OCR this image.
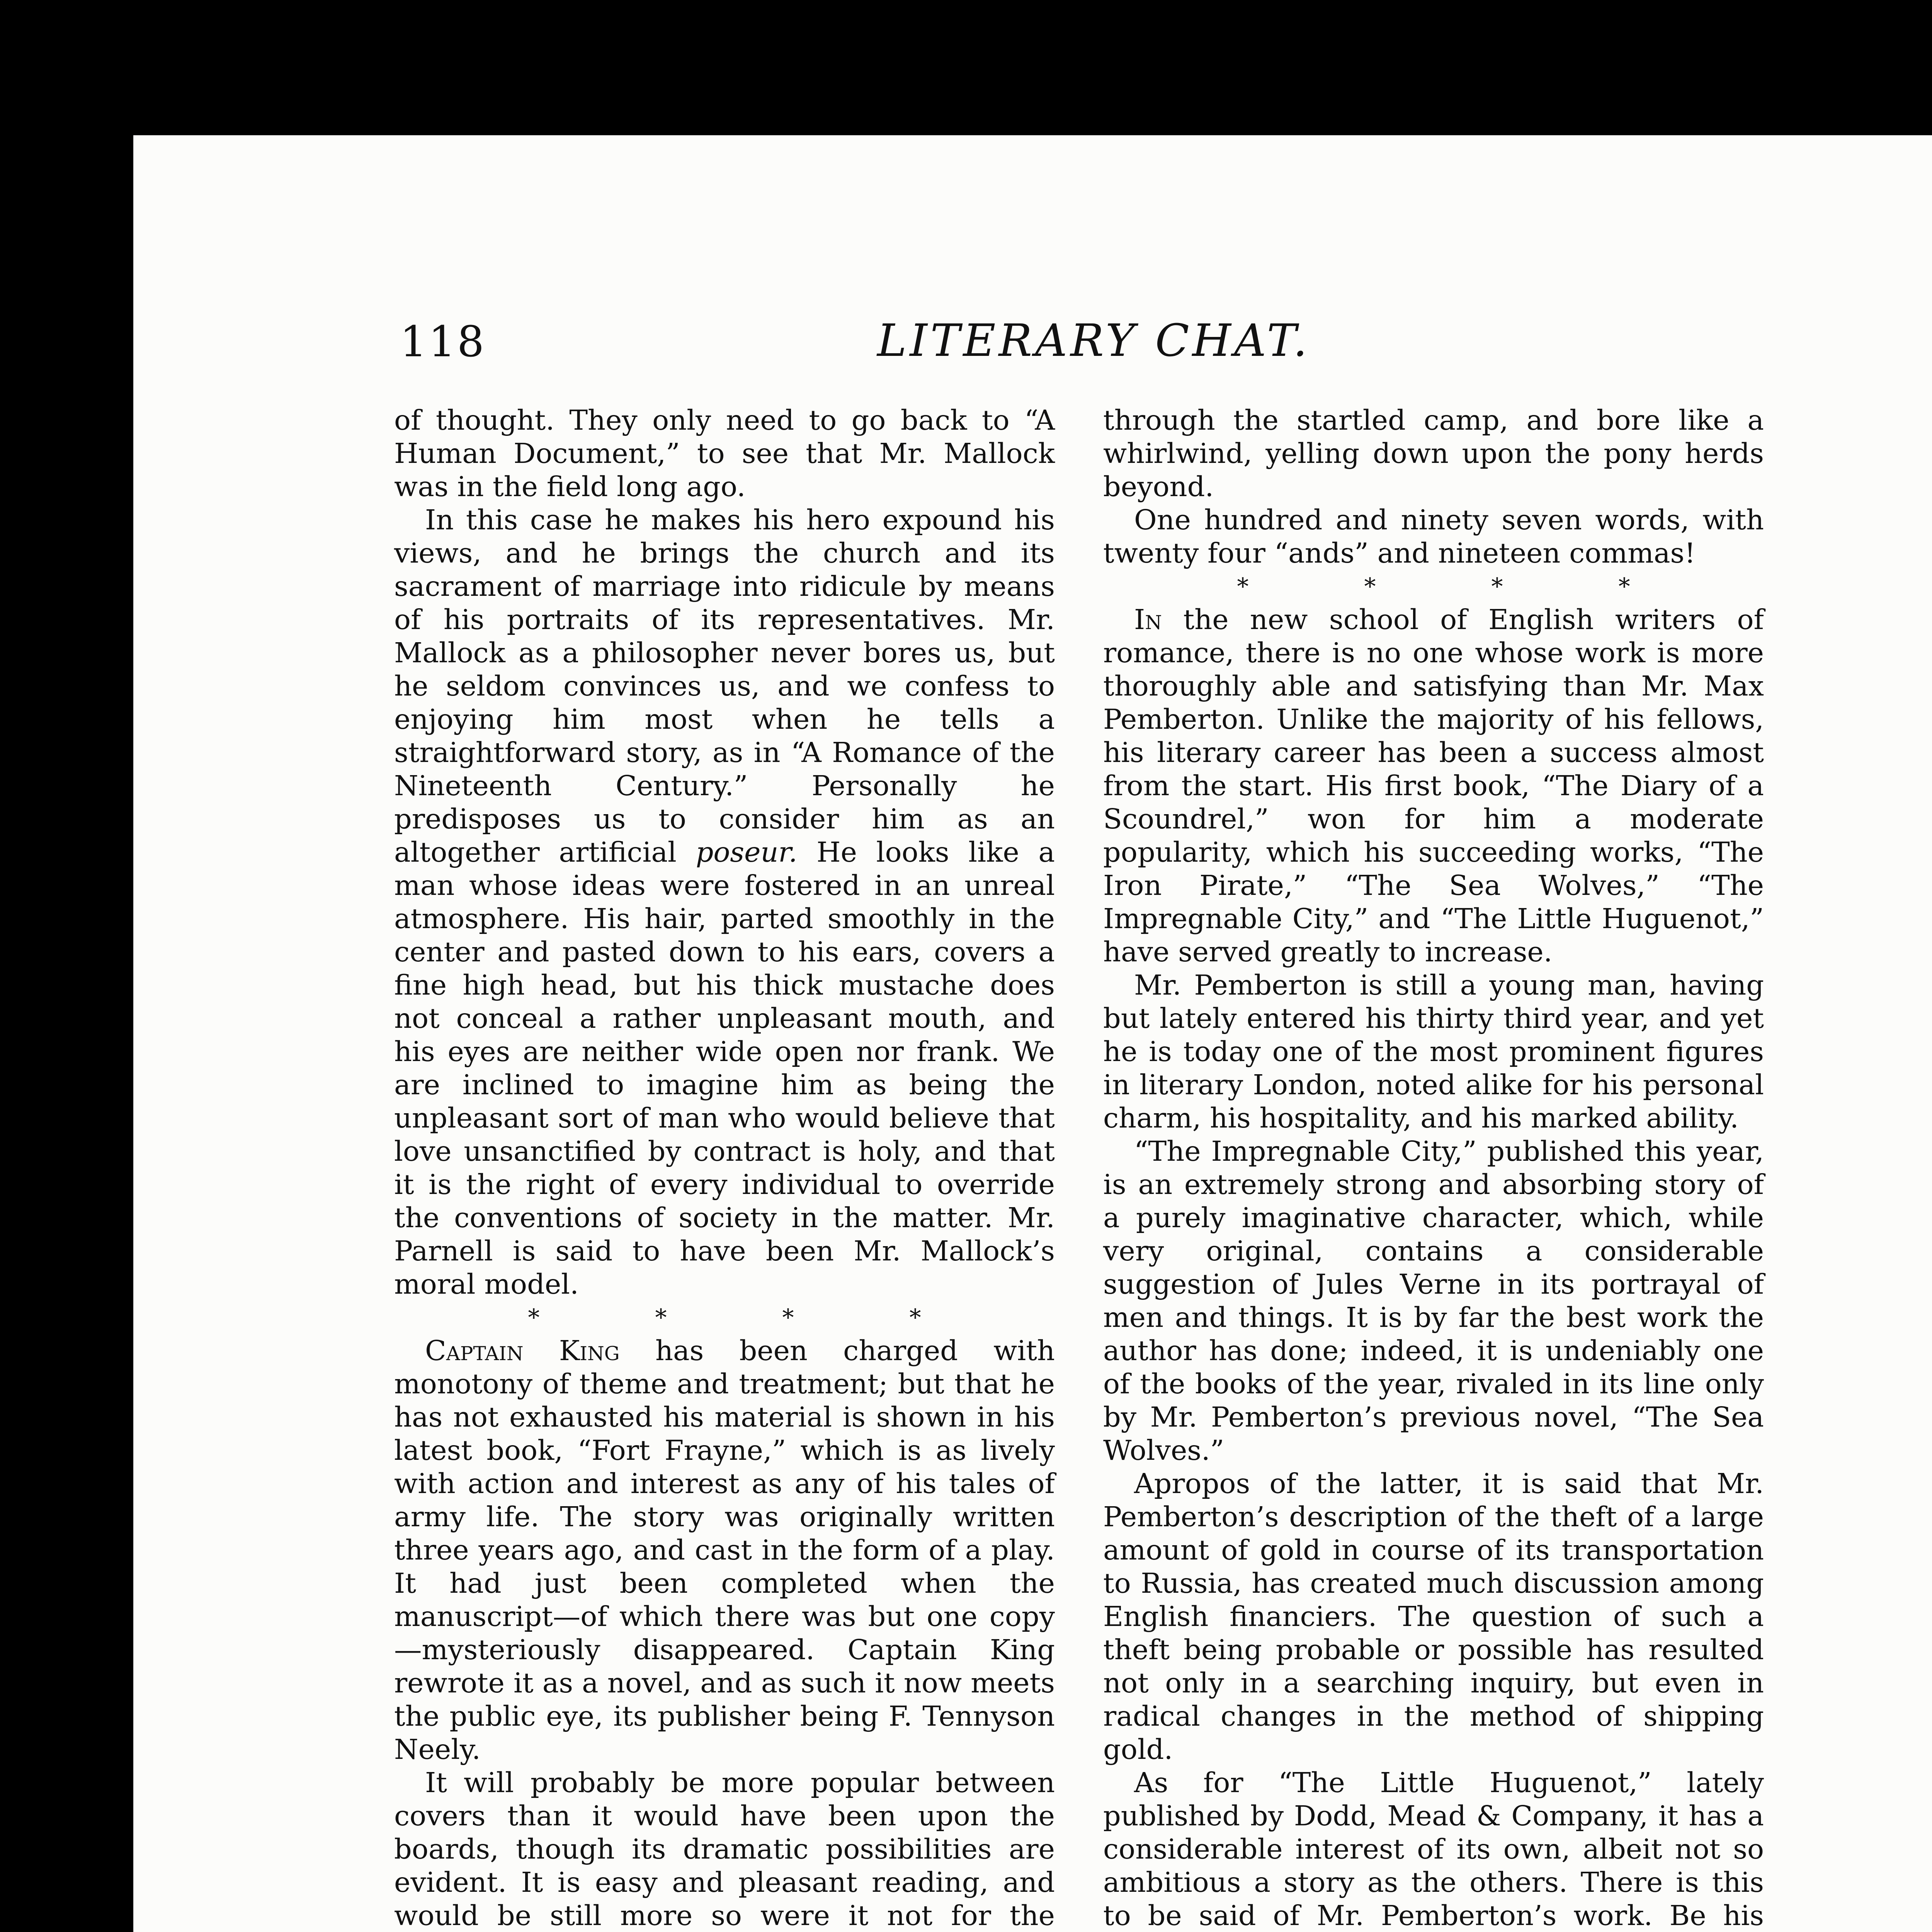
118	LITERARY CHAT.

of thought. They only need to go back to “A Human Document,” to see that Mr. Mallock was in the field long ago.

In this case he makes his hero expound his views, and he brings the church and its sacrament of marriage into ridicule by means of his portraits of its representatives. Mr. Mallock as a philosopher never bores us, but he seldom convinces us, and we confess to enjoying him most when he tells a straightforward story, as in “A Romance of the Nineteenth Century.” Personally he predisposes us to consider him as an altogether artificial poseur. He looks like a man whose ideas were fostered in an unreal atmosphere. His hair, parted smoothly in the center and pasted down to his ears, covers a fine high head, but his thick mustache does not conceal a rather unpleasant mouth, and his eyes are neither wide open nor frank. We are inclined to imagine him as being the unpleasant sort of man who would believe that love unsanctified by contract is holy, and that it is the right of every individual to override the conventions of society in the matter. Mr. Parnell is said to have been Mr. Mallock’s moral model.

* * * *

Captain King has been charged with monotony of theme and treatment; but that he has not exhausted his material is shown in his latest book, “Fort Frayne,” which is as lively with action and interest as any of his tales of army life. The story was originally written three years ago, and cast in the form of a play. It had just been completed when the manuscript—of which there was but one copy—mysteriously disappeared. Captain King rewrote it as a novel, and as such it now meets the public eye, its publisher being F. Tennyson Neely.

It will probably be more popular between covers than it would have been upon the boards, though its dramatic possibilities are evident. It is easy and pleasant reading, and would be still more so were it not for the

through the startled camp, and bore like a whirlwind, yelling down upon the pony herds beyond.

One hundred and ninety seven words, with twenty four “ands” and nineteen commas!

* * * *

In the new school of English writers of romance, there is no one whose work is more thoroughly able and satisfying than Mr. Max Pemberton. Unlike the majority of his fellows, his literary career has been a success almost from the start. His first book, “The Diary of a Scoundrel,” won for him a moderate popularity, which his succeeding works, “The Iron Pirate,” “The Sea Wolves,” “The Impregnable City,” and “The Little Huguenot,” have served greatly to increase.

Mr. Pemberton is still a young man, having but lately entered his thirty third year, and yet he is today one of the most prominent figures in literary London, noted alike for his personal charm, his hospitality, and his marked ability.

“The Impregnable City,” published this year, is an extremely strong and absorbing story of a purely imaginative character, which, while very original, contains a considerable suggestion of Jules Verne in its portrayal of men and things. It is by far the best work the author has done; indeed, it is undeniably one of the books of the year, rivaled in its line only by Mr. Pemberton’s previous novel, “The Sea Wolves.”

Apropos of the latter, it is said that Mr. Pemberton’s description of the theft of a large amount of gold in course of its transportation to Russia, has created much discussion among English financiers. The question of such a theft being probable or possible has resulted not only in a searching inquiry, but even in radical changes in the method of shipping gold.

As for “The Little Huguenot,” lately published by Dodd, Mead & Company, it has a considerable interest of its own, albeit not so ambitious a story as the others. There is this to be said of Mr. Pemberton’s work. Be his
